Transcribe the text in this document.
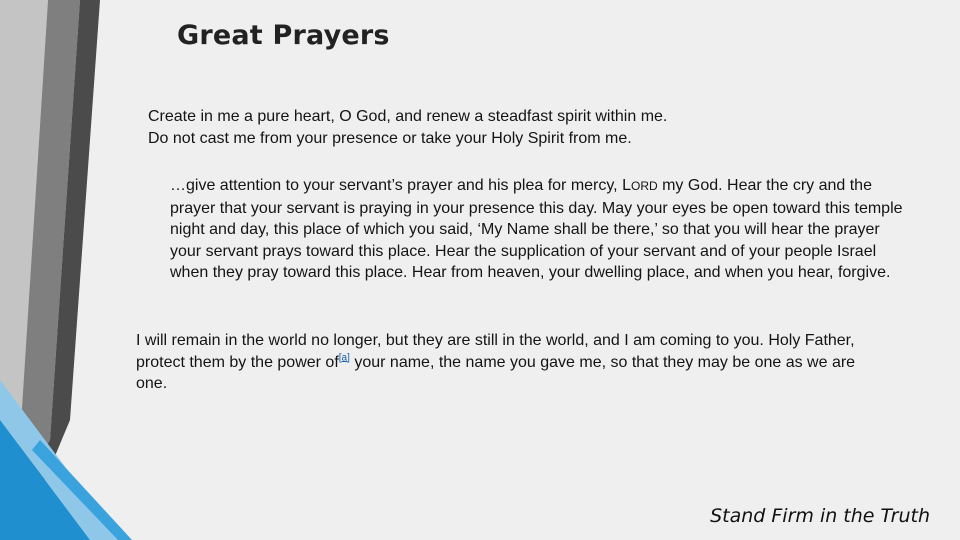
Great Prayers
Create in me a pure heart, O God, and renew a steadfast spirit within me.
Do not cast me from your presence or take your Holy Spirit from me.
…give attention to your servant’s prayer and his plea for mercy, LORD my God. Hear the cry and the prayer that your servant is praying in your presence this day. May your eyes be open toward this temple night and day, this place of which you said, ‘My Name shall be there,’ so that you will hear the prayer your servant prays toward this place. Hear the supplication of your servant and of your people Israel when they pray toward this place. Hear from heaven, your dwelling place, and when you hear, forgive.
I will remain in the world no longer, but they are still in the world, and I am coming to you. Holy Father, protect them by the power of[a] your name, the name you gave me, so that they may be one as we are one.
Stand Firm in the Truth
